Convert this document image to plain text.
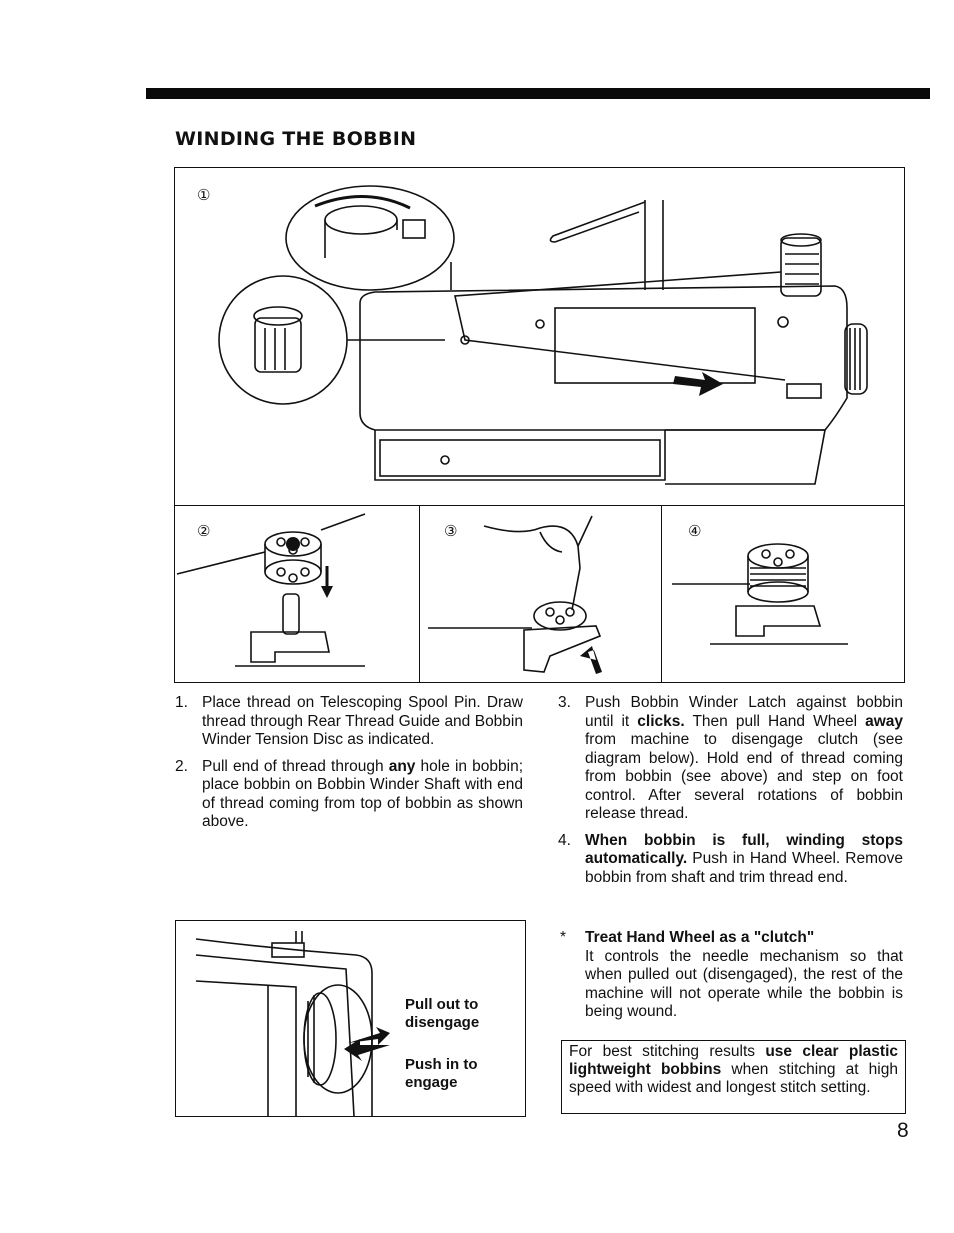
WINDING THE BOBBIN
①
②	③	④
1. Place thread on Telescoping Spool Pin. Draw thread through Rear Thread Guide and Bobbin Winder Tension Disc as indicated.
2. Pull end of thread through any hole in bobbin; place bobbin on Bobbin Winder Shaft with end of thread coming from top of bobbin as shown above.
3. Push Bobbin Winder Latch against bobbin until it clicks. Then pull Hand Wheel away from machine to disengage clutch (see diagram below). Hold end of thread coming from bobbin (see above) and step on foot control. After several rotations of bobbin release thread.
4. When bobbin is full, winding stops automatically. Push in Hand Wheel. Remove bobbin from shaft and trim thread end.
Pull out to disengage
Push in to engage
*	Treat Hand Wheel as a "clutch"
It controls the needle mechanism so that when pulled out (disengaged), the rest of the machine will not operate while the bobbin is being wound.
For best stitching results use clear plastic lightweight bobbins when stitching at high speed with widest and longest stitch setting.
8
